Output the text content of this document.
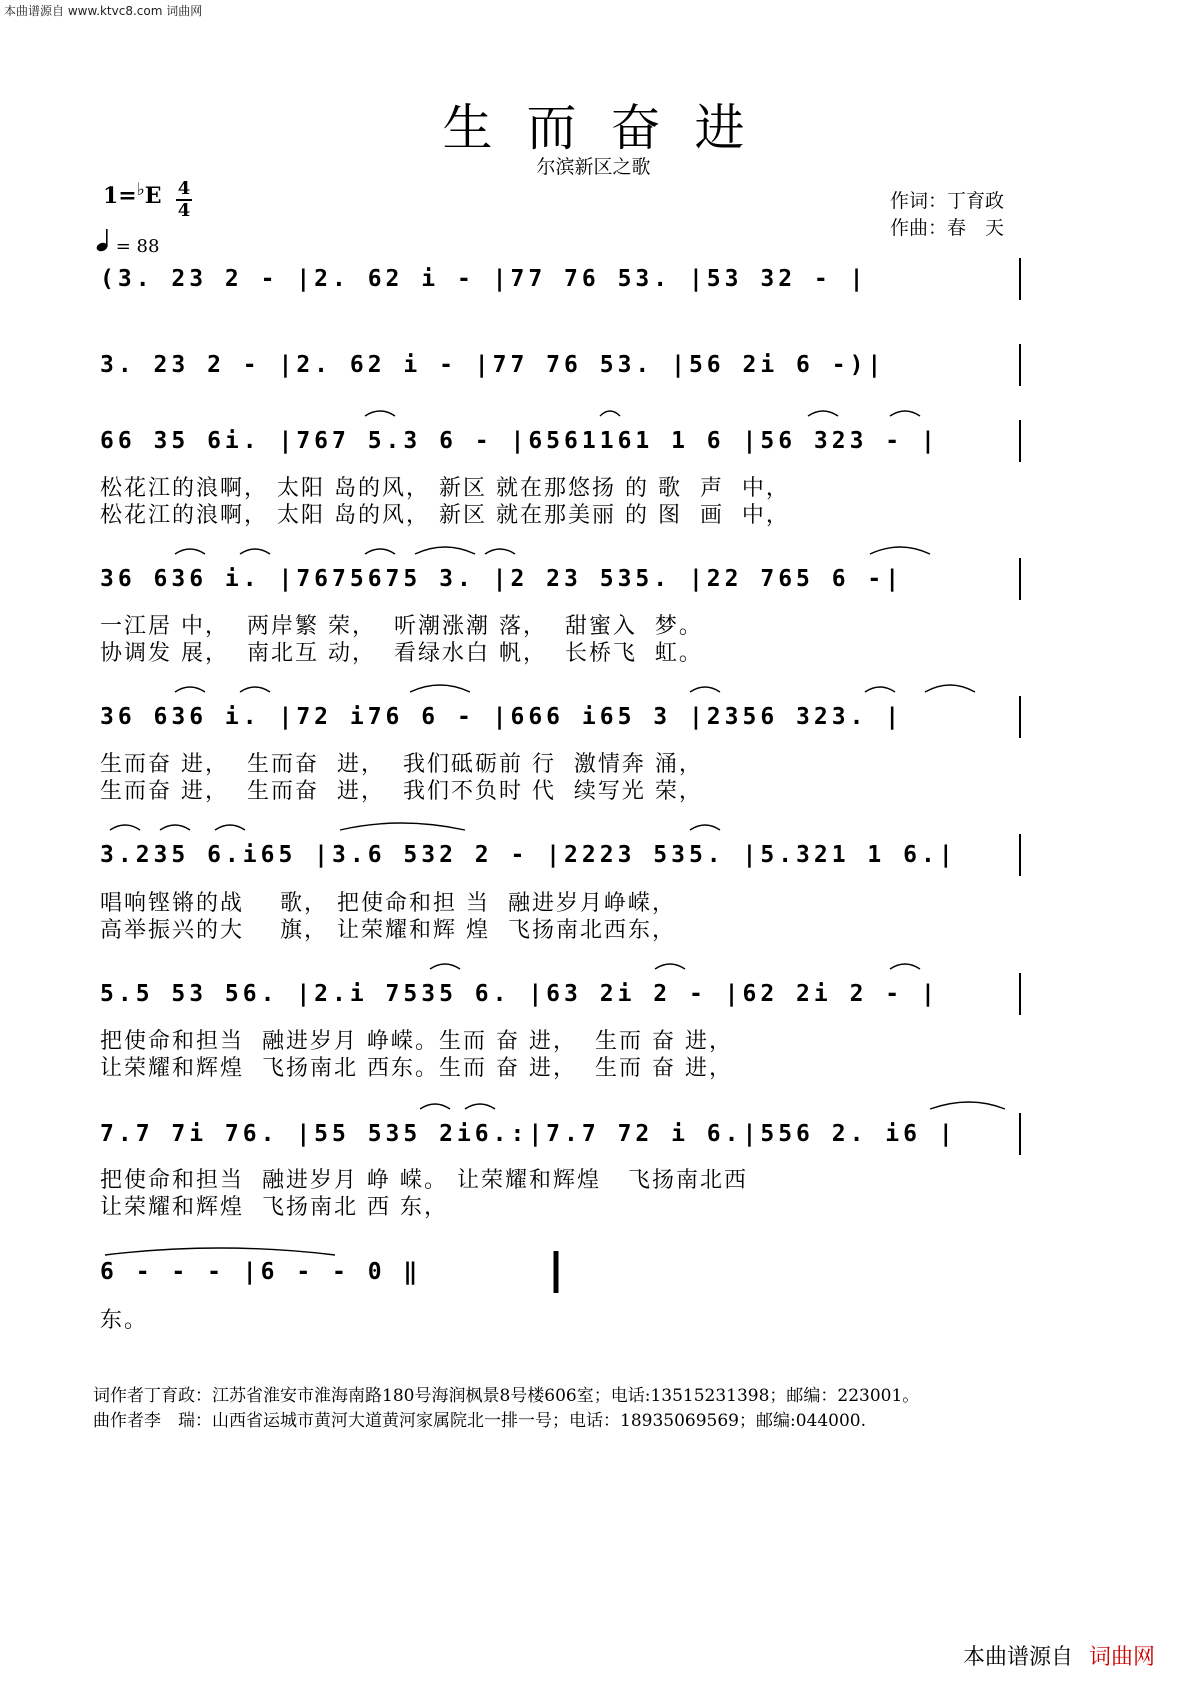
本曲谱源自 www.ktvc8.com 词曲网
生而奋进
尔滨新区之歌
1=♭E 4
4
= 88
作词：丁育政
作曲：春　天
(3. 23 2 - |2. 62 i - |77 76 53. |53 32 - |
3. 23 2 - |2. 62 i - |77 76 53. |56 2i 6 -)|
66 35 6i. |767 5.3 6 - |6561161 1 6 |56 323 - |
松花江的浪啊， 太阳 岛的风， 新区 就在那悠扬 的 歌  声  中，
松花江的浪啊， 太阳 岛的风， 新区 就在那美丽 的 图  画  中，
36 636 i. |7675675 3. |2 23 535. |22 765 6 -|
一江居 中，  两岸繁 荣，  听潮涨潮 落，  甜蜜入  梦。
协调发 展，  南北互 动，  看绿水白 帆，  长桥飞  虹。
36 636 i. |72 i76 6 - |666 i65 3 |2356 323. |
生而奋 进，  生而奋  进，  我们砥砺前 行  激情奔 涌，
生而奋 进，  生而奋  进，  我们不负时 代  续写光 荣，
3.235 6.i65 |3.6 532 2 - |2223 535. |5.321 1 6.|
唱响铿锵的战    歌， 把使命和担 当  融进岁月峥嵘，
高举振兴的大    旗， 让荣耀和辉 煌  飞扬南北西东，
5.5 53 56. |2.i 7535 6. |63 2i 2 - |62 2i 2 - |
把使命和担当  融进岁月 峥嵘。生而 奋 进，  生而 奋 进，
让荣耀和辉煌  飞扬南北 西东。生而 奋 进，  生而 奋 进，
7.7 7i 76. |55 535 2i6.:|7.7 72 i 6.|556 2. i6 |
把使命和担当  融进岁月 峥 嵘。 让荣耀和辉煌   飞扬南北西
让荣耀和辉煌  飞扬南北 西 东，
6 - - - |6 - - 0 ‖
东。
词作者丁育政：江苏省淮安市淮海南路180号海润枫景8号楼606室；电话:13515231398；邮编：223001。
曲作者李　瑞：山西省运城市黄河大道黄河家属院北一排一号；电话：18935069569；邮编:044000.
本曲谱源自 词曲网
